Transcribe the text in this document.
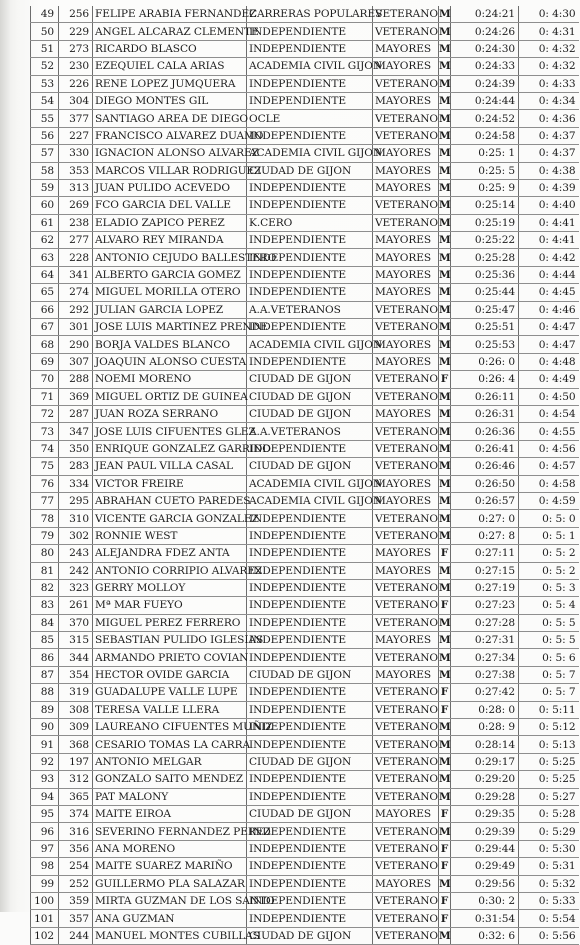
49	256	FELIPE ARABIA FERNANDEZ	CARRERAS POPULARES	VETERANO	M	0:24:21	0: 4:30
50	229	ANGEL ALCARAZ CLEMENTE	INDEPENDIENTE	VETERANO	M	0:24:26	0: 4:31
51	273	RICARDO BLASCO	INDEPENDIENTE	MAYORES	M	0:24:30	0: 4:32
52	230	EZEQUIEL CALA ARIAS	ACADEMIA CIVIL GIJON	MAYORES	M	0:24:33	0: 4:32
53	226	RENE LOPEZ JUMQUERA	INDEPENDIENTE	VETERANO	M	0:24:39	0: 4:33
54	304	DIEGO MONTES GIL	INDEPENDIENTE	MAYORES	M	0:24:44	0: 4:34
55	377	SANTIAGO AREA DE DIEGO	OCLE	VETERANO	M	0:24:52	0: 4:36
56	227	FRANCISCO ALVAREZ DUAMO	INDEPENDIENTE	VETERANO	M	0:24:58	0: 4:37
57	330	IGNACION ALONSO ALVAREZ	ACADEMIA CIVIL GIJON	MAYORES	M	0:25: 1	0: 4:37
58	353	MARCOS VILLAR RODRIGUEZ	CIUDAD DE GIJON	MAYORES	M	0:25: 5	0: 4:38
59	313	JUAN PULIDO ACEVEDO	INDEPENDIENTE	MAYORES	M	0:25: 9	0: 4:39
60	269	FCO GARCIA DEL VALLE	INDEPENDIENTE	VETERANO	M	0:25:14	0: 4:40
61	238	ELADIO ZAPICO PEREZ	K.CERO	VETERANO	M	0:25:19	0: 4:41
62	277	ALVARO REY MIRANDA	INDEPENDIENTE	MAYORES	M	0:25:22	0: 4:41
63	228	ANTONIO CEJUDO BALLESTERO	INDEPENDIENTE	MAYORES	M	0:25:28	0: 4:42
64	341	ALBERTO GARCIA GOMEZ	INDEPENDIENTE	MAYORES	M	0:25:36	0: 4:44
65	274	MIGUEL MORILLA OTERO	INDEPENDIENTE	MAYORES	M	0:25:44	0: 4:45
66	292	JULIAN GARCIA LOPEZ	A.A.VETERANOS	VETERANO	M	0:25:47	0: 4:46
67	301	JOSE LUIS MARTINEZ PRENDE	INDEPENDIENTE	VETERANO	M	0:25:51	0: 4:47
68	290	BORJA VALDES BLANCO	ACADEMIA CIVIL GIJON	MAYORES	M	0:25:53	0: 4:47
69	307	JOAQUIN ALONSO CUESTA	INDEPENDIENTE	MAYORES	M	0:26: 0	0: 4:48
70	288	NOEMI MORENO	CIUDAD DE GIJON	VETERANO	F	0:26: 4	0: 4:49
71	369	MIGUEL ORTIZ DE GUINEA	CIUDAD DE GIJON	VETERANO	M	0:26:11	0: 4:50
72	287	JUAN ROZA SERRANO	CIUDAD DE GIJON	MAYORES	M	0:26:31	0: 4:54
73	347	JOSE LUIS CIFUENTES GLEZ	A.A.VETERANOS	VETERANO	M	0:26:36	0: 4:55
74	350	ENRIQUE GONZALEZ GARRIDO	INDEPENDIENTE	VETERANO	M	0:26:41	0: 4:56
75	283	JEAN PAUL VILLA CASAL	CIUDAD DE GIJON	VETERANO	M	0:26:46	0: 4:57
76	334	VICTOR FREIRE	ACADEMIA CIVIL GIJON	MAYORES	M	0:26:50	0: 4:58
77	295	ABRAHAN CUETO PAREDES	ACADEMIA CIVIL GIJON	MAYORES	M	0:26:57	0: 4:59
78	310	VICENTE GARCIA GONZALEZ	INDEPENDIENTE	VETERANO	M	0:27: 0	0: 5: 0
79	302	RONNIE WEST	INDEPENDIENTE	VETERANO	M	0:27: 8	0: 5: 1
80	243	ALEJANDRA FDEZ ANTA	INDEPENDIENTE	MAYORES	F	0:27:11	0: 5: 2
81	242	ANTONIO CORRIPIO ALVAREZ	INDEPENDIENTE	MAYORES	M	0:27:15	0: 5: 2
82	323	GERRY MOLLOY	INDEPENDIENTE	VETERANO	M	0:27:19	0: 5: 3
83	261	Mª MAR FUEYO	INDEPENDIENTE	VETERANO	F	0:27:23	0: 5: 4
84	370	MIGUEL PEREZ FERRERO	INDEPENDIENTE	VETERANO	M	0:27:28	0: 5: 5
85	315	SEBASTIAN PULIDO IGLESIAS	INDEPENDIENTE	MAYORES	M	0:27:31	0: 5: 5
86	344	ARMANDO PRIETO COVIAN	INDEPENDIENTE	VETERANO	M	0:27:34	0: 5: 6
87	354	HECTOR OVIDE GARCIA	CIUDAD DE GIJON	MAYORES	M	0:27:38	0: 5: 7
88	319	GUADALUPE VALLE LUPE	INDEPENDIENTE	VETERANO	F	0:27:42	0: 5: 7
89	308	TERESA VALLE LLERA	INDEPENDIENTE	VETERANO	F	0:28: 0	0: 5:11
90	309	LAUREANO CIFUENTES MUÑIZ	INDEPENDIENTE	VETERANO	M	0:28: 9	0: 5:12
91	368	CESARIO TOMAS LA CARRA	INDEPENDIENTE	VETERANO	M	0:28:14	0: 5:13
92	197	ANTONIO MELGAR	CIUDAD DE GIJON	VETERANO	M	0:29:17	0: 5:25
93	312	GONZALO SAITO MENDEZ	INDEPENDIENTE	VETERANO	M	0:29:20	0: 5:25
94	365	PAT MALONY	INDEPENDIENTE	VETERANO	M	0:29:28	0: 5:27
95	374	MAITE EIROA	CIUDAD DE GIJON	MAYORES	F	0:29:35	0: 5:28
96	316	SEVERINO FERNANDEZ PEREZ	INDEPENDIENTE	VETERANO	M	0:29:39	0: 5:29
97	356	ANA MORENO	INDEPENDIENTE	VETERANO	F	0:29:44	0: 5:30
98	254	MAITE SUAREZ MARIÑO	INDEPENDIENTE	VETERANO	F	0:29:49	0: 5:31
99	252	GUILLERMO PLA SALAZAR	INDEPENDIENTE	MAYORES	M	0:29:56	0: 5:32
100	359	MIRTA GUZMAN DE LOS SANTO	INDEPENDIENTE	VETERANO	F	0:30: 2	0: 5:33
101	357	ANA GUZMAN	INDEPENDIENTE	VETERANO	F	0:31:54	0: 5:54
102	244	MANUEL MONTES CUBILLAS	CIUDAD DE GIJON	VETERANO	M	0:32: 6	0: 5:56
